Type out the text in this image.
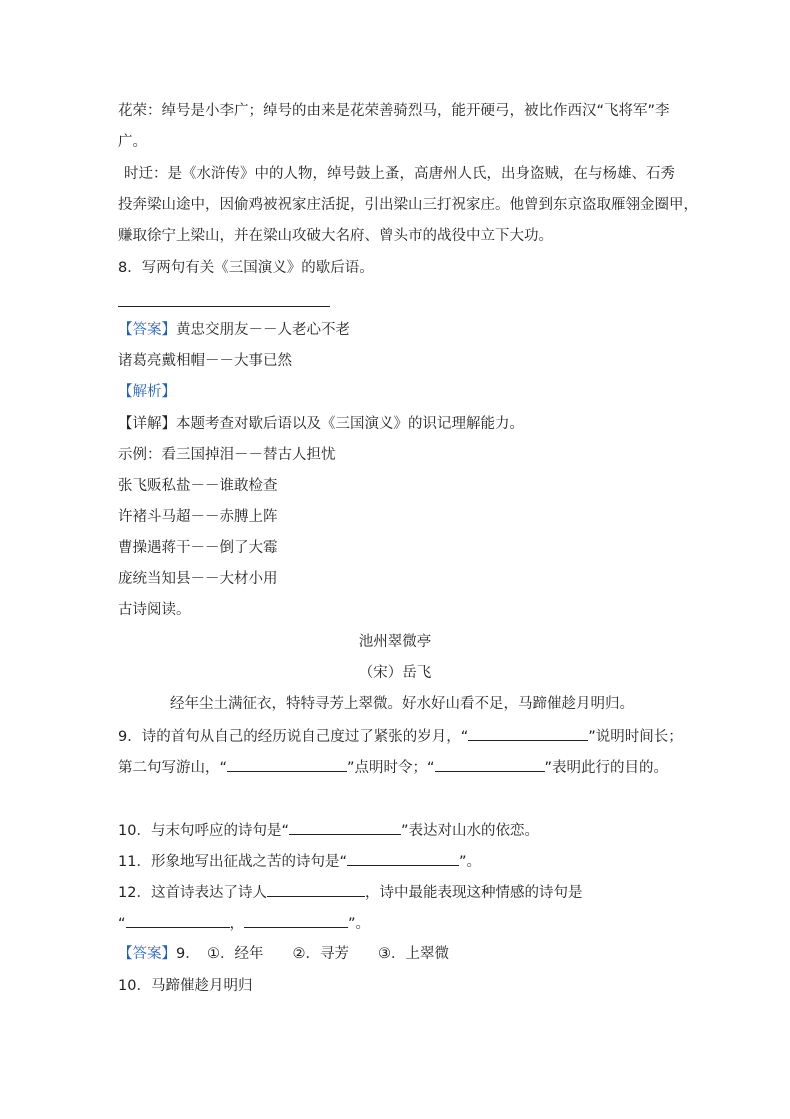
花荣：绰号是小李广；绰号的由来是花荣善骑烈马，能开硬弓，被比作西汉“飞将军”李
广。
时迁：是《水浒传》中的人物，绰号鼓上蚤，高唐州人氏，出身盗贼，在与杨雄、石秀
投奔梁山途中，因偷鸡被祝家庄活捉，引出梁山三打祝家庄。他曾到东京盗取雁翎金圈甲，
赚取徐宁上梁山，并在梁山攻破大名府、曾头市的战役中立下大功。
8．写两句有关《三国演义》的歇后语。
【答案】黄忠交朋友－－人老心不老
诸葛亮戴相帽－－大事已然
【解析】
【详解】本题考查对歇后语以及《三国演义》的识记理解能力。
示例：看三国掉泪－－替古人担忧
张飞贩私盐－－谁敢检查
许褚斗马超－－赤膊上阵
曹操遇蒋干－－倒了大霉
庞统当知县－－大材小用
古诗阅读。
池州翠微亭
（宋）岳飞
经年尘土满征衣，特特寻芳上翠微。好水好山看不足，马蹄催趁月明归。
9．诗的首句从自己的经历说自己度过了紧张的岁月，“	”说明时间长；
第二句写游山，“	”点明时令；“	”表明此行的目的。
10．与末句呼应的诗句是“	”表达对山水的依恋。
11．形象地写出征战之苦的诗句是“	”。
12．这首诗表达了诗人	，诗中最能表现这种情感的诗句是
“	，	”。
【答案】9．　①．经年　　②．寻芳　　③．上翠微
10．马蹄催趁月明归
